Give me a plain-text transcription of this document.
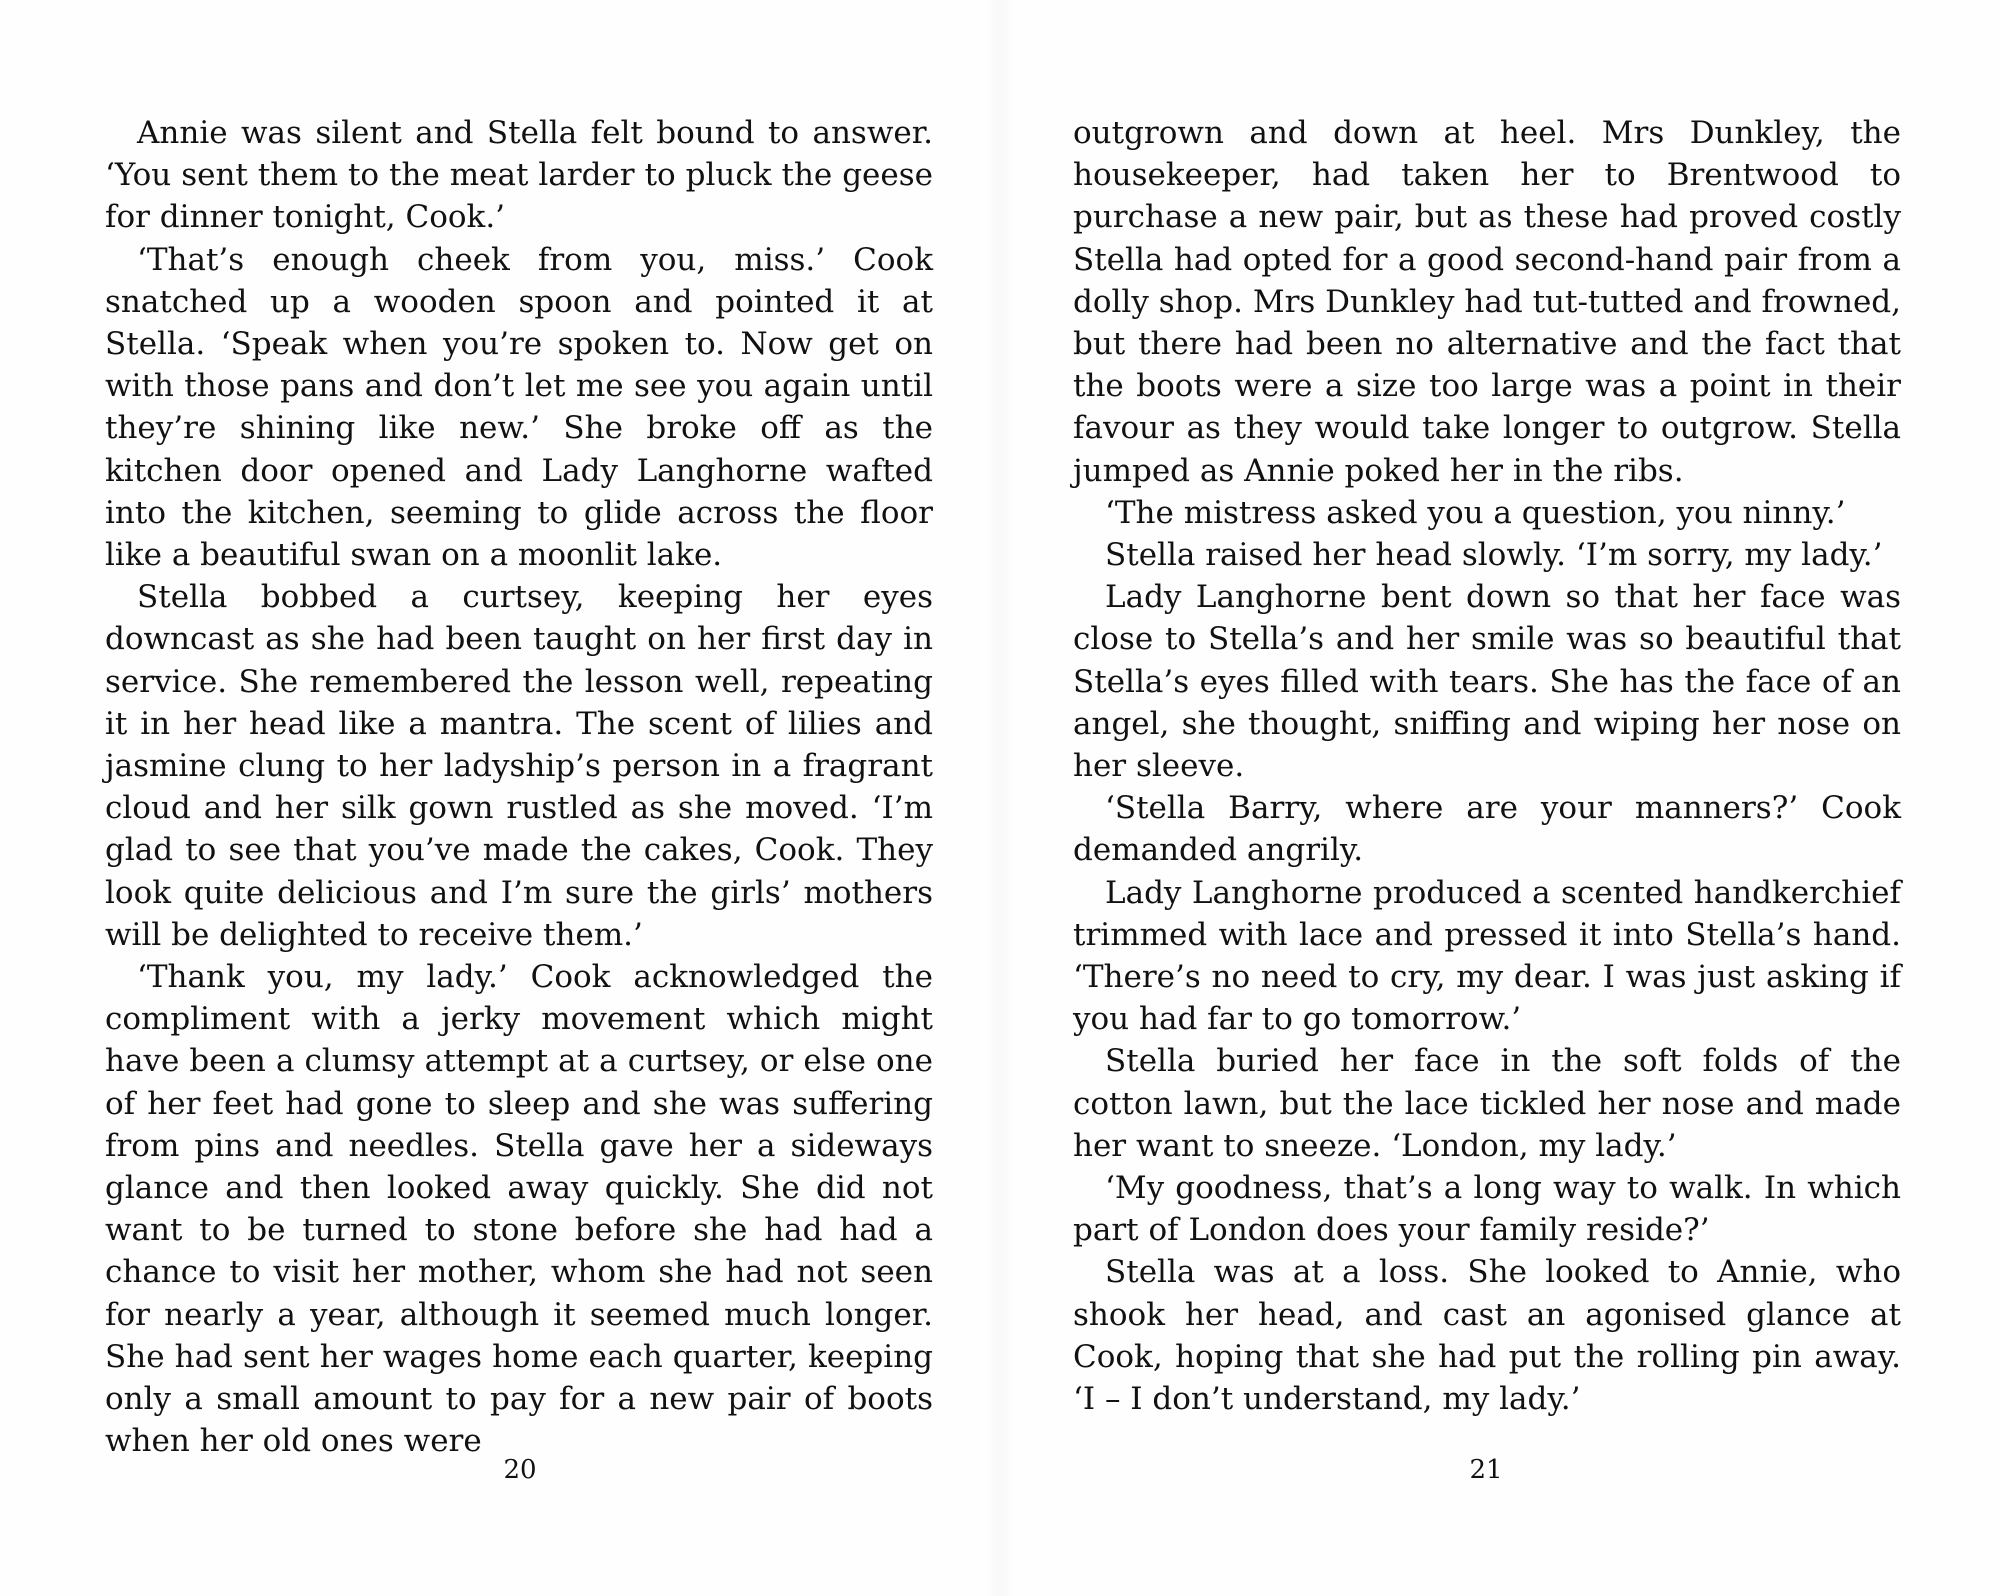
Annie was silent and Stella felt bound to answer. ‘You sent them to the meat larder to pluck the geese for dinner tonight, Cook.’

‘That’s enough cheek from you, miss.’ Cook snatched up a wooden spoon and pointed it at Stella. ‘Speak when you’re spoken to. Now get on with those pans and don’t let me see you again until they’re shining like new.’ She broke off as the kitchen door opened and Lady Langhorne wafted into the kitchen, seeming to glide across the floor like a beautiful swan on a moonlit lake.

Stella bobbed a curtsey, keeping her eyes downcast as she had been taught on her first day in service. She remembered the lesson well, repeating it in her head like a mantra. The scent of lilies and jasmine clung to her ladyship’s person in a fragrant cloud and her silk gown rustled as she moved. ‘I’m glad to see that you’ve made the cakes, Cook. They look quite delicious and I’m sure the girls’ mothers will be delighted to receive them.’

‘Thank you, my lady.’ Cook acknowledged the compliment with a jerky movement which might have been a clumsy attempt at a curtsey, or else one of her feet had gone to sleep and she was suffering from pins and needles. Stella gave her a sideways glance and then looked away quickly. She did not want to be turned to stone before she had had a chance to visit her mother, whom she had not seen for nearly a year, although it seemed much longer. She had sent her wages home each quarter, keeping only a small amount to pay for a new pair of boots when her old ones were

20

outgrown and down at heel. Mrs Dunkley, the housekeeper, had taken her to Brentwood to purchase a new pair, but as these had proved costly Stella had opted for a good second-hand pair from a dolly shop. Mrs Dunkley had tut-tutted and frowned, but there had been no alternative and the fact that the boots were a size too large was a point in their favour as they would take longer to outgrow. Stella jumped as Annie poked her in the ribs.

‘The mistress asked you a question, you ninny.’

Stella raised her head slowly. ‘I’m sorry, my lady.’

Lady Langhorne bent down so that her face was close to Stella’s and her smile was so beautiful that Stella’s eyes filled with tears. She has the face of an angel, she thought, sniffing and wiping her nose on her sleeve.

‘Stella Barry, where are your manners?’ Cook demanded angrily.

Lady Langhorne produced a scented handkerchief trimmed with lace and pressed it into Stella’s hand. ‘There’s no need to cry, my dear. I was just asking if you had far to go tomorrow.’

Stella buried her face in the soft folds of the cotton lawn, but the lace tickled her nose and made her want to sneeze. ‘London, my lady.’

‘My goodness, that’s a long way to walk. In which part of London does your family reside?’

Stella was at a loss. She looked to Annie, who shook her head, and cast an agonised glance at Cook, hoping that she had put the rolling pin away. ‘I – I don’t understand, my lady.’

21
